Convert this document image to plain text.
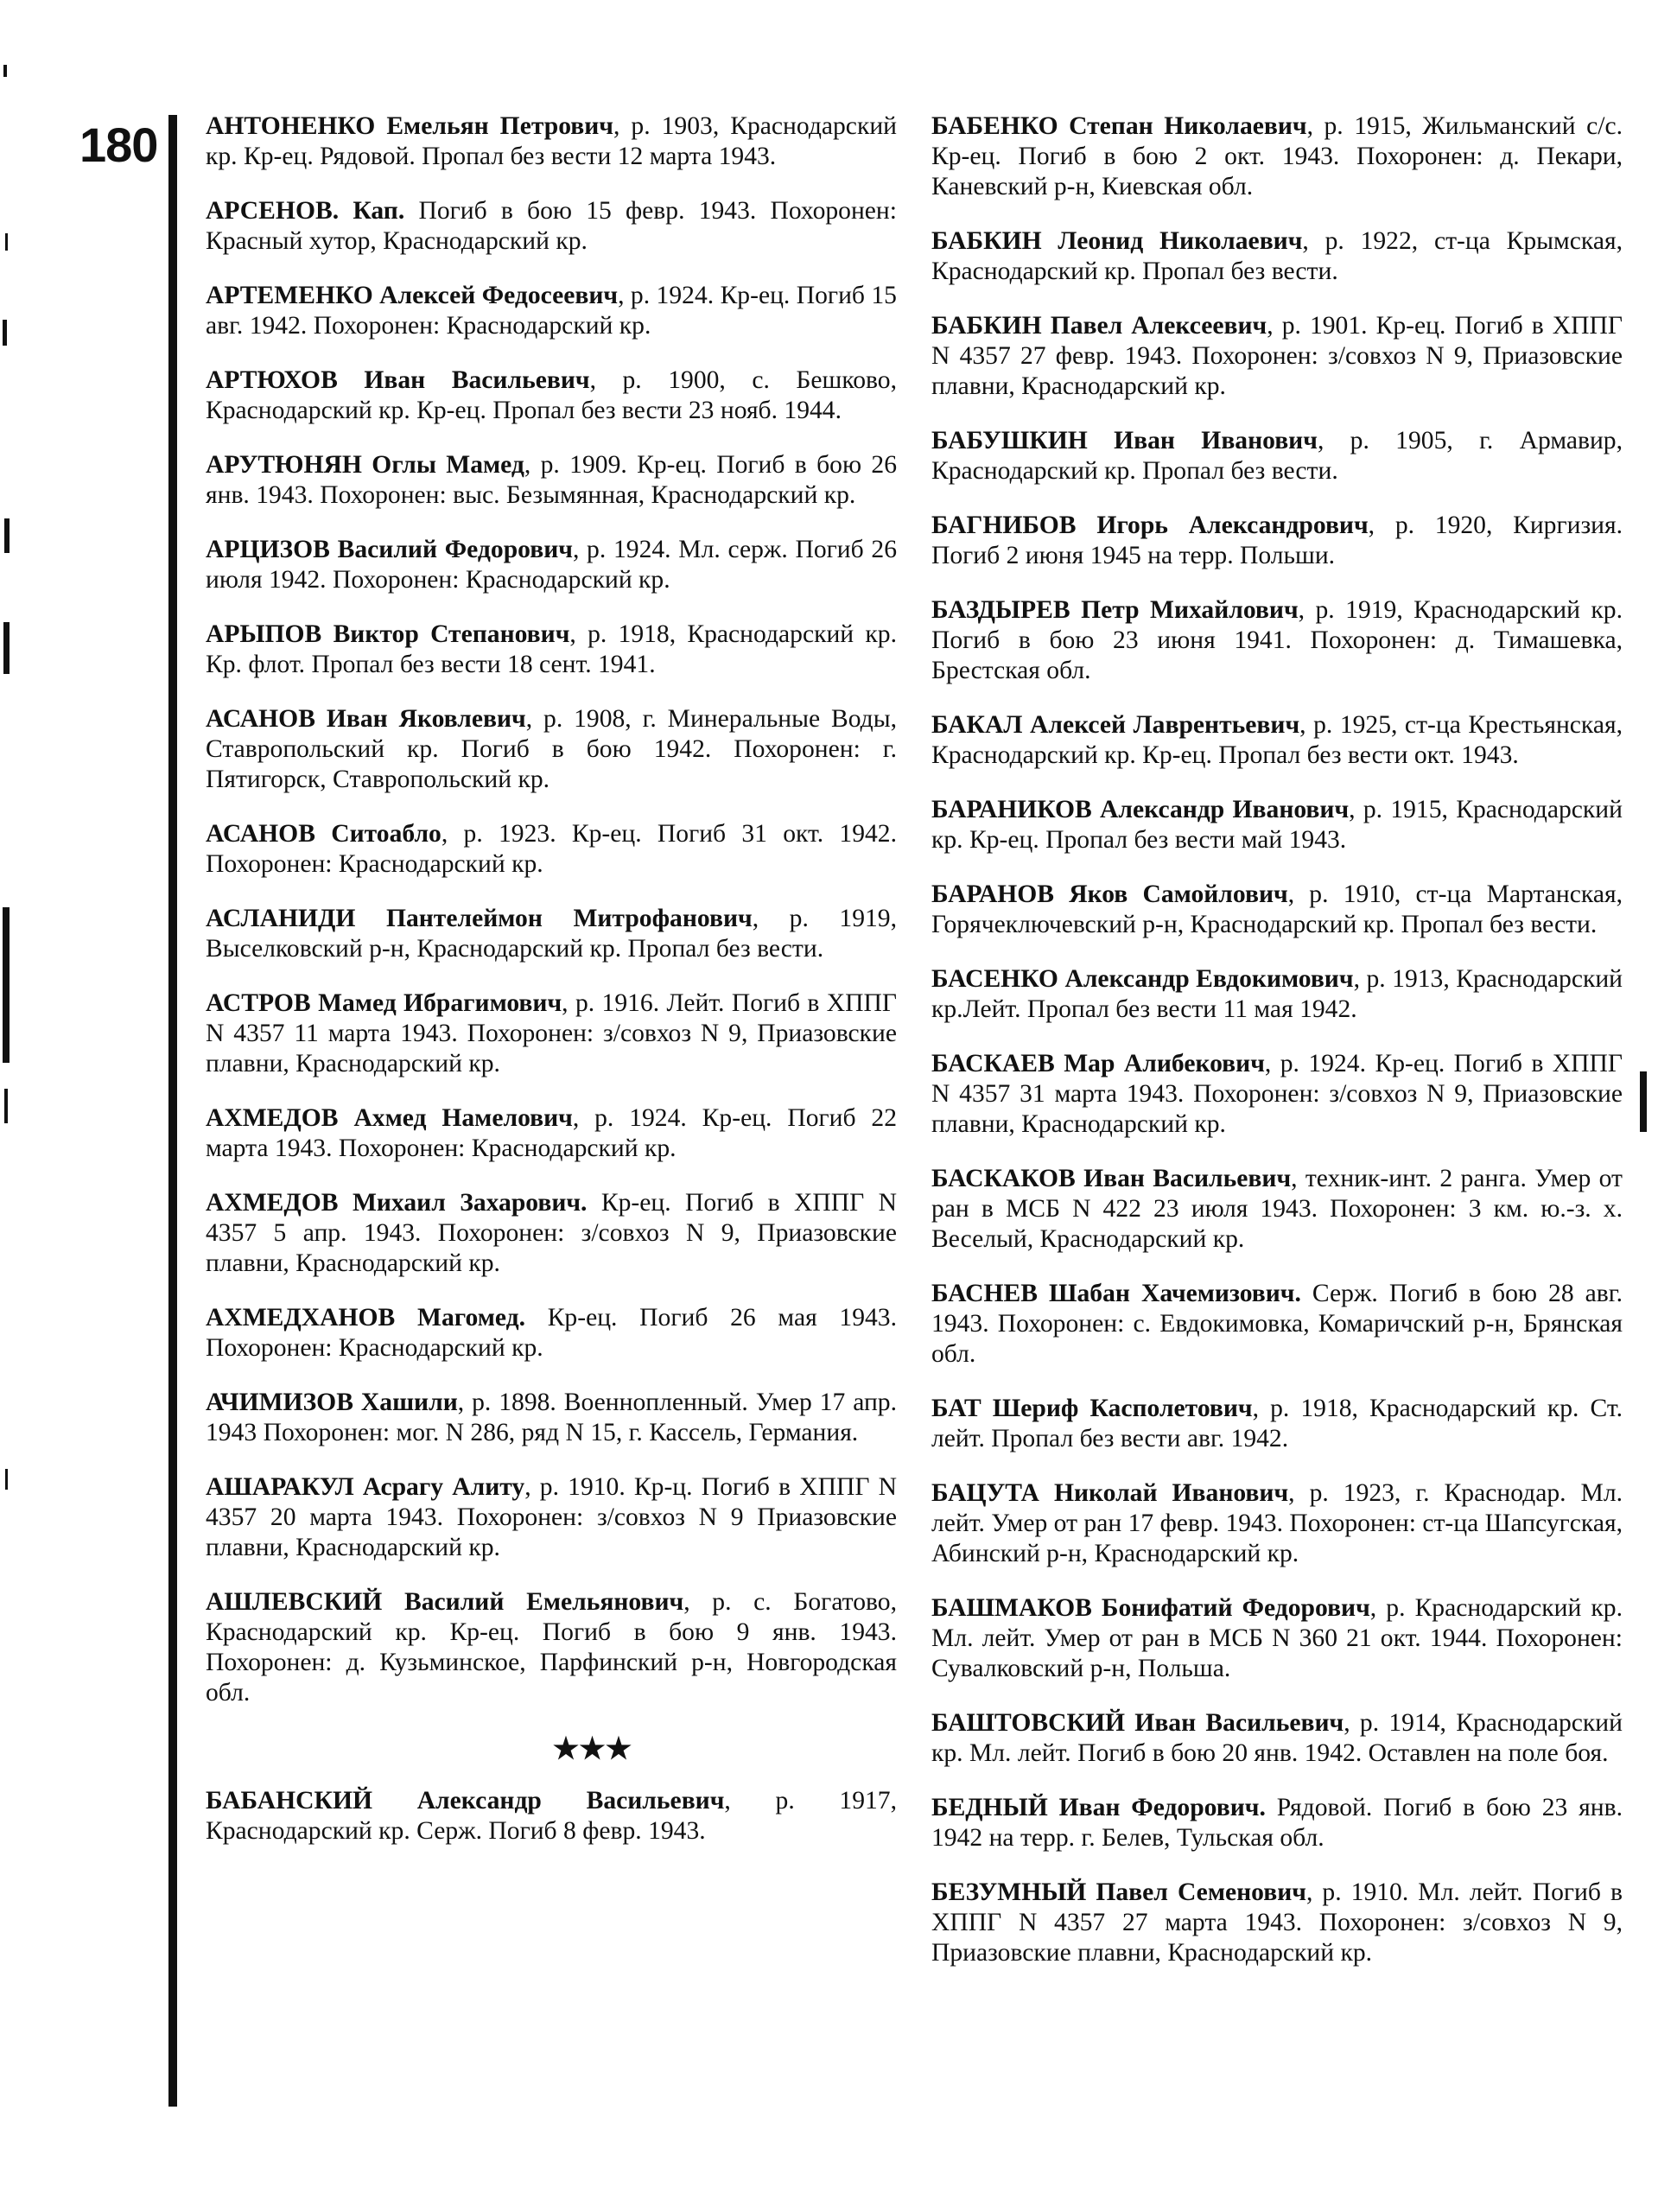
180 АНТОНЕНКО Емельян Петрович, р. 1903, Краснодарский кр. Кр-ец. Рядовой. Пропал без вести 12 марта 1943.
АРСЕНОВ. Кап. Погиб в бою 15 февр. 1943. Похоронен: Красный хутор, Краснодарский кр.
АРТЕМЕНКО Алексей Федосеевич, р. 1924. Кр-ец. Погиб 15 авг. 1942. Похоронен: Краснодарский кр.
АРТЮХОВ Иван Васильевич, р. 1900, с. Бешково, Краснодарский кр. Кр-ец. Пропал без вести 23 нояб. 1944.
АРУТЮНЯН Оглы Мамед, р. 1909. Кр-ец. Погиб в бою 26 янв. 1943. Похоронен: выс. Безымянная, Краснодарский кр.
АРЦИЗОВ Василий Федорович, р. 1924. Мл. серж. Погиб 26 июля 1942. Похоронен: Краснодарский кр.
АРЫПОВ Виктор Степанович, р. 1918, Краснодарский кр. Кр. флот. Пропал без вести 18 сент. 1941.
АСАНОВ Иван Яковлевич, р. 1908, г. Минеральные Воды, Ставропольский кр. Погиб в бою 1942. Похоронен: г. Пятигорск, Ставропольский кр.
АСАНОВ Ситоабло, р. 1923. Кр-ец. Погиб 31 окт. 1942. Похоронен: Краснодарский кр.
АСЛАНИДИ Пантелеймон Митрофанович, р. 1919, Выселковский р-н, Краснодарский кр. Пропал без вести.
АСТРОВ Мамед Ибрагимович, р. 1916. Лейт. Погиб в ХППГ N 4357 11 марта 1943. Похоронен: з/совхоз N 9, Приазовские плавни, Краснодарский кр.
АХМЕДОВ Ахмед Намелович, р. 1924. Кр-ец. Погиб 22 марта 1943. Похоронен: Краснодарский кр.
АХМЕДОВ Михаил Захарович. Кр-ец. Погиб в ХППГ N 4357 5 апр. 1943. Похоронен: з/совхоз N 9, Приазовские плавни, Краснодарский кр.
АХМЕДХАНОВ Магомед. Кр-ец. Погиб 26 мая 1943. Похоронен: Краснодарский кр.
АЧИМИЗОВ Хашили, р. 1898. Военнопленный. Умер 17 апр. 1943 Похоронен: мог. N 286, ряд N 15, г. Кассель, Германия.
АШАРАКУЛ Асрагу Алиту, р. 1910. Кр-ц. Погиб в ХППГ N 4357 20 марта 1943. Похоронен: з/совхоз N 9 Приазовские плавни, Краснодарский кр.
АШЛЕВСКИЙ Василий Емельянович, р. с. Богатово, Краснодарский кр. Кр-ец. Погиб в бою 9 янв. 1943. Похоронен: д. Кузьминское, Парфинский р-н, Новгородская обл.
★★★
БАБАНСКИЙ Александр Васильевич, р. 1917, Краснодарский кр. Серж. Погиб 8 февр. 1943.
БАБЕНКО Степан Николаевич, р. 1915, Жильманский с/с. Кр-ец. Погиб в бою 2 окт. 1943. Похоронен: д. Пекари, Каневский р-н, Киевская обл.
БАБКИН Леонид Николаевич, р. 1922, ст-ца Крымская, Краснодарский кр. Пропал без вести.
БАБКИН Павел Алексеевич, р. 1901. Кр-ец. Погиб в ХППГ N 4357 27 февр. 1943. Похоронен: з/совхоз N 9, Приазовские плавни, Краснодарский кр.
БАБУШКИН Иван Иванович, р. 1905, г. Армавир, Краснодарский кр. Пропал без вести.
БАГНИБОВ Игорь Александрович, р. 1920, Киргизия. Погиб 2 июня 1945 на терр. Польши.
БАЗДЫРЕВ Петр Михайлович, р. 1919, Краснодарский кр. Погиб в бою 23 июня 1941. Похоронен: д. Тимашевка, Брестская обл.
БАКАЛ Алексей Лаврентьевич, р. 1925, ст-ца Крестьянская, Краснодарский кр. Кр-ец. Пропал без вести окт. 1943.
БАРАНИКОВ Александр Иванович, р. 1915, Краснодарский кр. Кр-ец. Пропал без вести май 1943.
БАРАНОВ Яков Самойлович, р. 1910, ст-ца Мартанская, Горячеключевский р-н, Краснодарский кр. Пропал без вести.
БАСЕНКО Александр Евдокимович, р. 1913, Краснодарский кр.Лейт. Пропал без вести 11 мая 1942.
БАСКАЕВ Мар Алибекович, р. 1924. Кр-ец. Погиб в ХППГ N 4357 31 марта 1943. Похоронен: з/совхоз N 9, Приазовские плавни, Краснодарский кр.
БАСКАКОВ Иван Васильевич, техник-инт. 2 ранга. Умер от ран в МСБ N 422 23 июля 1943. Похоронен: 3 км. ю.-з. х. Веселый, Краснодарский кр.
БАСНЕВ Шабан Хачемизович. Серж. Погиб в бою 28 авг. 1943. Похоронен: с. Евдокимовка, Комаричский р-н, Брянская обл.
БАТ Шериф Касполетович, р. 1918, Краснодарский кр. Ст. лейт. Пропал без вести авг. 1942.
БАЦУТА Николай Иванович, р. 1923, г. Краснодар. Мл. лейт. Умер от ран 17 февр. 1943. Похоронен: ст-ца Шапсугская, Абинский р-н, Краснодарский кр.
БАШМАКОВ Бонифатий Федорович, р. Краснодарский кр. Мл. лейт. Умер от ран в МСБ N 360 21 окт. 1944. Похоронен: Сувалковский р-н, Польша.
БАШТОВСКИЙ Иван Васильевич, р. 1914, Краснодарский кр. Мл. лейт. Погиб в бою 20 янв. 1942. Оставлен на поле боя.
БЕДНЫЙ Иван Федорович. Рядовой. Погиб в бою 23 янв. 1942 на терр. г. Белев, Тульская обл.
БЕЗУМНЫЙ Павел Семенович, р. 1910. Мл. лейт. Погиб в ХППГ N 4357 27 марта 1943. Похоронен: з/совхоз N 9, Приазовские плавни, Краснодарский кр.
